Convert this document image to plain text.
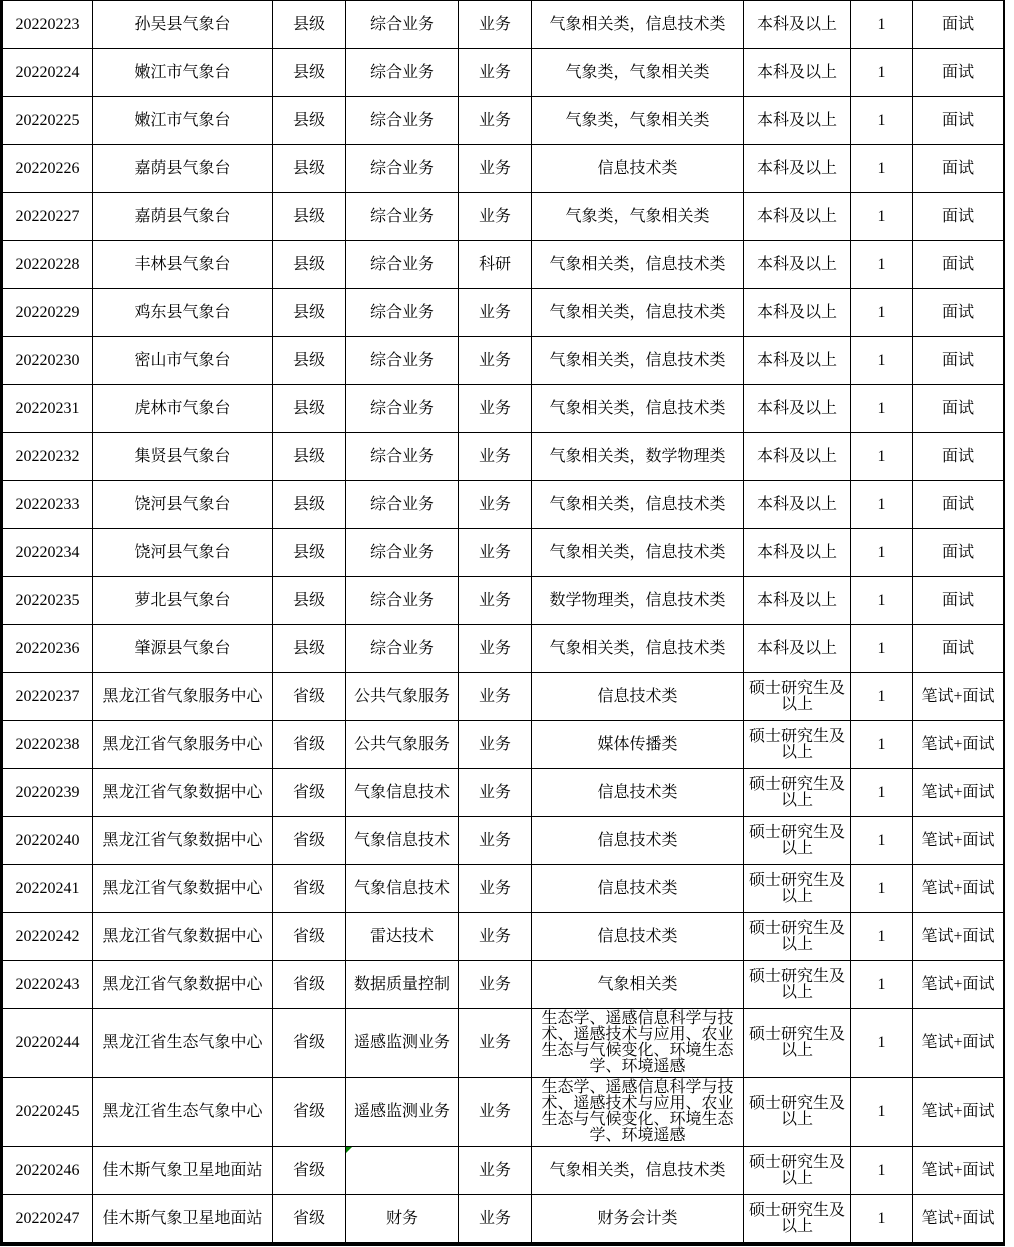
20220223	孙吴县气象台	县级	综合业务	业务	气象相关类，信息技术类	本科及以上	1	面试
20220224	嫩江市气象台	县级	综合业务	业务	气象类，气象相关类	本科及以上	1	面试
20220225	嫩江市气象台	县级	综合业务	业务	气象类，气象相关类	本科及以上	1	面试
20220226	嘉荫县气象台	县级	综合业务	业务	信息技术类	本科及以上	1	面试
20220227	嘉荫县气象台	县级	综合业务	业务	气象类，气象相关类	本科及以上	1	面试
20220228	丰林县气象台	县级	综合业务	科研	气象相关类，信息技术类	本科及以上	1	面试
20220229	鸡东县气象台	县级	综合业务	业务	气象相关类，信息技术类	本科及以上	1	面试
20220230	密山市气象台	县级	综合业务	业务	气象相关类，信息技术类	本科及以上	1	面试
20220231	虎林市气象台	县级	综合业务	业务	气象相关类，信息技术类	本科及以上	1	面试
20220232	集贤县气象台	县级	综合业务	业务	气象相关类，数学物理类	本科及以上	1	面试
20220233	饶河县气象台	县级	综合业务	业务	气象相关类，信息技术类	本科及以上	1	面试
20220234	饶河县气象台	县级	综合业务	业务	气象相关类，信息技术类	本科及以上	1	面试
20220235	萝北县气象台	县级	综合业务	业务	数学物理类，信息技术类	本科及以上	1	面试
20220236	肇源县气象台	县级	综合业务	业务	气象相关类，信息技术类	本科及以上	1	面试
20220237	黑龙江省气象服务中心	省级	公共气象服务	业务	信息技术类	硕士研究生及以上	1	笔试+面试
20220238	黑龙江省气象服务中心	省级	公共气象服务	业务	媒体传播类	硕士研究生及以上	1	笔试+面试
20220239	黑龙江省气象数据中心	省级	气象信息技术	业务	信息技术类	硕士研究生及以上	1	笔试+面试
20220240	黑龙江省气象数据中心	省级	气象信息技术	业务	信息技术类	硕士研究生及以上	1	笔试+面试
20220241	黑龙江省气象数据中心	省级	气象信息技术	业务	信息技术类	硕士研究生及以上	1	笔试+面试
20220242	黑龙江省气象数据中心	省级	雷达技术	业务	信息技术类	硕士研究生及以上	1	笔试+面试
20220243	黑龙江省气象数据中心	省级	数据质量控制	业务	气象相关类	硕士研究生及以上	1	笔试+面试
20220244	黑龙江省生态气象中心	省级	遥感监测业务	业务	生态学、遥感信息科学与技术、遥感技术与应用、农业生态与气候变化、环境生态学、环境遥感	硕士研究生及以上	1	笔试+面试
20220245	黑龙江省生态气象中心	省级	遥感监测业务	业务	生态学、遥感信息科学与技术、遥感技术与应用、农业生态与气候变化、环境生态学、环境遥感	硕士研究生及以上	1	笔试+面试
20220246	佳木斯气象卫星地面站	省级		业务	气象相关类，信息技术类	硕士研究生及以上	1	笔试+面试
20220247	佳木斯气象卫星地面站	省级	财务	业务	财务会计类	硕士研究生及以上	1	笔试+面试
